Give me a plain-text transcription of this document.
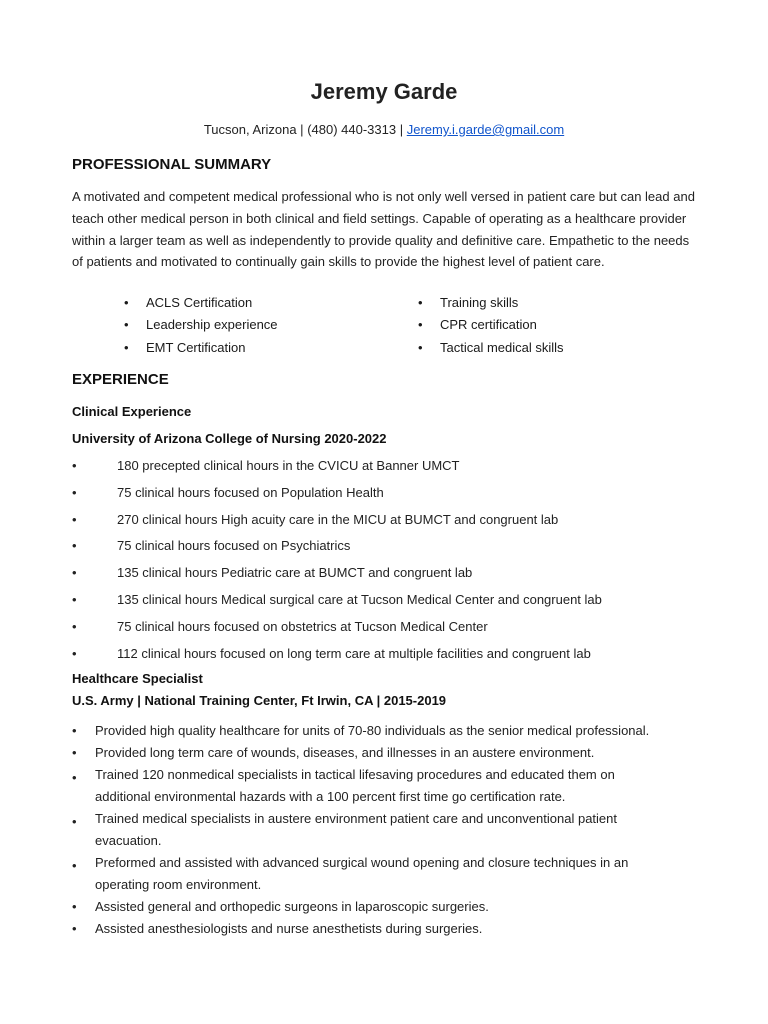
Jeremy Garde
Tucson, Arizona | (480) 440-3313 | Jeremy.i.garde@gmail.com
PROFESSIONAL SUMMARY
A motivated and competent medical professional who is not only well versed in patient care but can lead and teach other medical person in both clinical and field settings. Capable of operating as a healthcare provider within a larger team as well as independently to provide quality and definitive care. Empathetic to the needs of patients and motivated to continually gain skills to provide the highest level of patient care.
• ACLS Certification
• Leadership experience
• EMT Certification
• Training skills
• CPR certification
• Tactical medical skills
EXPERIENCE
Clinical Experience
University of Arizona College of Nursing 2020-2022
•	180 precepted clinical hours in the CVICU at Banner UMCT
•	75 clinical hours focused on Population Health
•	270 clinical hours High acuity care in the MICU at BUMCT and congruent lab
•	75 clinical hours focused on Psychiatrics
•	135 clinical hours Pediatric care at BUMCT and congruent lab
•	135 clinical hours Medical surgical care at Tucson Medical Center and congruent lab
•	75 clinical hours focused on obstetrics at Tucson Medical Center
•	112 clinical hours focused on long term care at multiple facilities and congruent lab
Healthcare Specialist
U.S. Army | National Training Center, Ft Irwin, CA | 2015-2019
• Provided high quality healthcare for units of 70-80 individuals as the senior medical professional.
• Provided long term care of wounds, diseases, and illnesses in an austere environment.
• Trained 120 nonmedical specialists in tactical lifesaving procedures and educated them on additional environmental hazards with a 100 percent first time go certification rate.
• Trained medical specialists in austere environment patient care and unconventional patient evacuation.
• Preformed and assisted with advanced surgical wound opening and closure techniques in an operating room environment.
• Assisted general and orthopedic surgeons in laparoscopic surgeries.
• Assisted anesthesiologists and nurse anesthetists during surgeries.
